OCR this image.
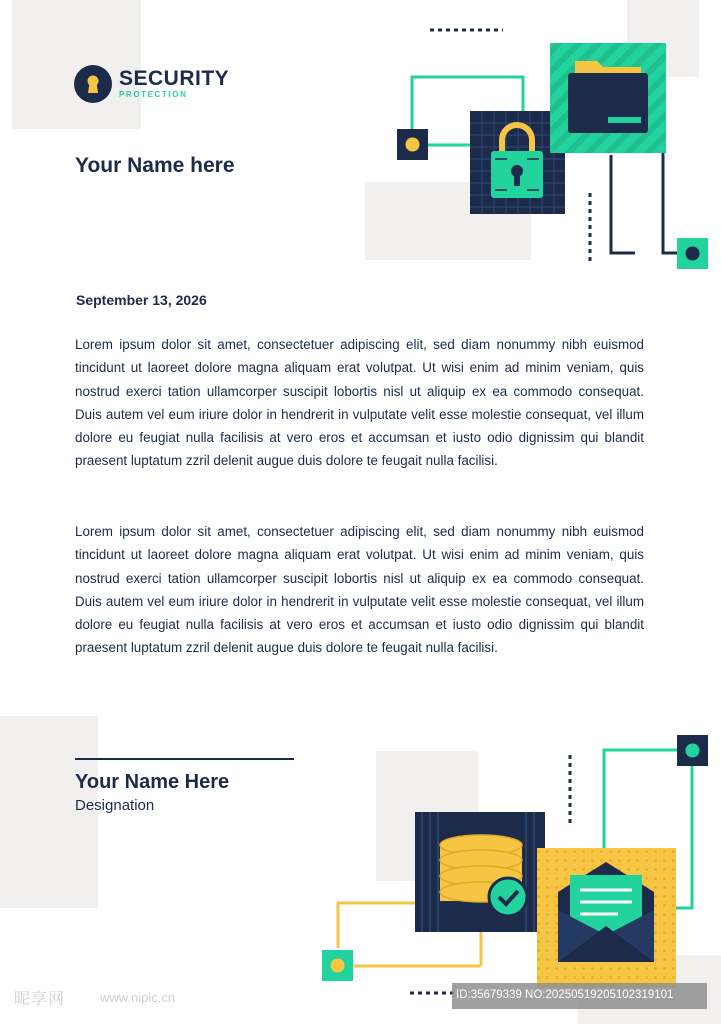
SECURITY
PROTECTION
Your Name here
September 13, 2026

Lorem ipsum dolor sit amet, consectetuer adipiscing elit, sed diam nonummy nibh euismod tincidunt ut laoreet dolore magna aliquam erat volutpat. Ut wisi enim ad minim veniam, quis nostrud exerci tation ullamcorper suscipit lobortis nisl ut aliquip ex ea commodo consequat. Duis autem vel eum iriure dolor in hendrerit in vulputate velit esse molestie consequat, vel illum dolore eu feugiat nulla facilisis at vero eros et accumsan et iusto odio dignissim qui blandit praesent luptatum zzril delenit augue duis dolore te feugait nulla facilisi.

Lorem ipsum dolor sit amet, consectetuer adipiscing elit, sed diam nonummy nibh euismod tincidunt ut laoreet dolore magna aliquam erat volutpat. Ut wisi enim ad minim veniam, quis nostrud exerci tation ullamcorper suscipit lobortis nisl ut aliquip ex ea commodo consequat. Duis autem vel eum iriure dolor in hendrerit in vulputate velit esse molestie consequat, vel illum dolore eu feugiat nulla facilisis at vero eros et accumsan et iusto odio dignissim qui blandit praesent luptatum zzril delenit augue duis dolore te feugait nulla facilisi.

Your Name Here
Designation
昵享网	www.nipic.cn	ID:35679339 NO:20250519205102319101
